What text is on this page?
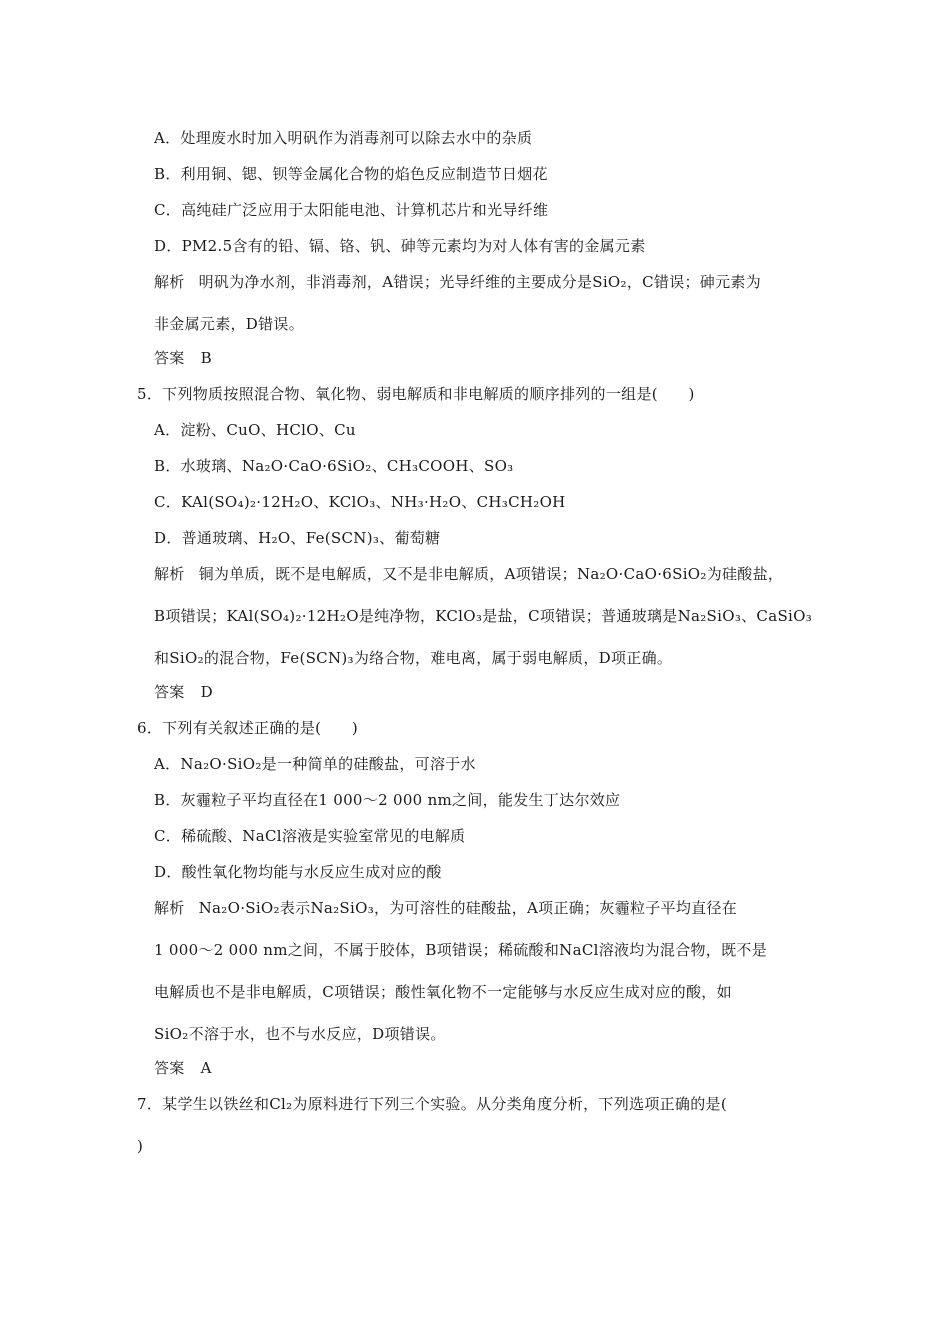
A．处理废水时加入明矾作为消毒剂可以除去水中的杂质
B．利用铜、锶、钡等金属化合物的焰色反应制造节日烟花
C．高纯硅广泛应用于太阳能电池、计算机芯片和光导纤维
D．PM2.5含有的铅、镉、铬、钒、砷等元素均为对人体有害的金属元素
解析 明矾为净水剂，非消毒剂，A错误；光导纤维的主要成分是SiO₂，C错误；砷元素为
非金属元素，D错误。
答案 B
5．下列物质按照混合物、氧化物、弱电解质和非电解质的顺序排列的一组是(　　)
A．淀粉、CuO、HClO、Cu
B．水玻璃、Na₂O·CaO·6SiO₂、CH₃COOH、SO₃
C．KAl(SO₄)₂·12H₂O、KClO₃、NH₃·H₂O、CH₃CH₂OH
D．普通玻璃、H₂O、Fe(SCN)₃、葡萄糖
解析 铜为单质，既不是电解质，又不是非电解质，A项错误；Na₂O·CaO·6SiO₂为硅酸盐，
B项错误；KAl(SO₄)₂·12H₂O是纯净物，KClO₃是盐，C项错误；普通玻璃是Na₂SiO₃、CaSiO₃
和SiO₂的混合物，Fe(SCN)₃为络合物，难电离，属于弱电解质，D项正确。
答案 D
6．下列有关叙述正确的是(　　)
A．Na₂O·SiO₂是一种简单的硅酸盐，可溶于水
B．灰霾粒子平均直径在1 000～2 000 nm之间，能发生丁达尔效应
C．稀硫酸、NaCl溶液是实验室常见的电解质
D．酸性氧化物均能与水反应生成对应的酸
解析 Na₂O·SiO₂表示Na₂SiO₃，为可溶性的硅酸盐，A项正确；灰霾粒子平均直径在
1 000～2 000 nm之间，不属于胶体，B项错误；稀硫酸和NaCl溶液均为混合物，既不是
电解质也不是非电解质，C项错误；酸性氧化物不一定能够与水反应生成对应的酸，如
SiO₂不溶于水，也不与水反应，D项错误。
答案 A
7．某学生以铁丝和Cl₂为原料进行下列三个实验。从分类角度分析，下列选项正确的是(
)
